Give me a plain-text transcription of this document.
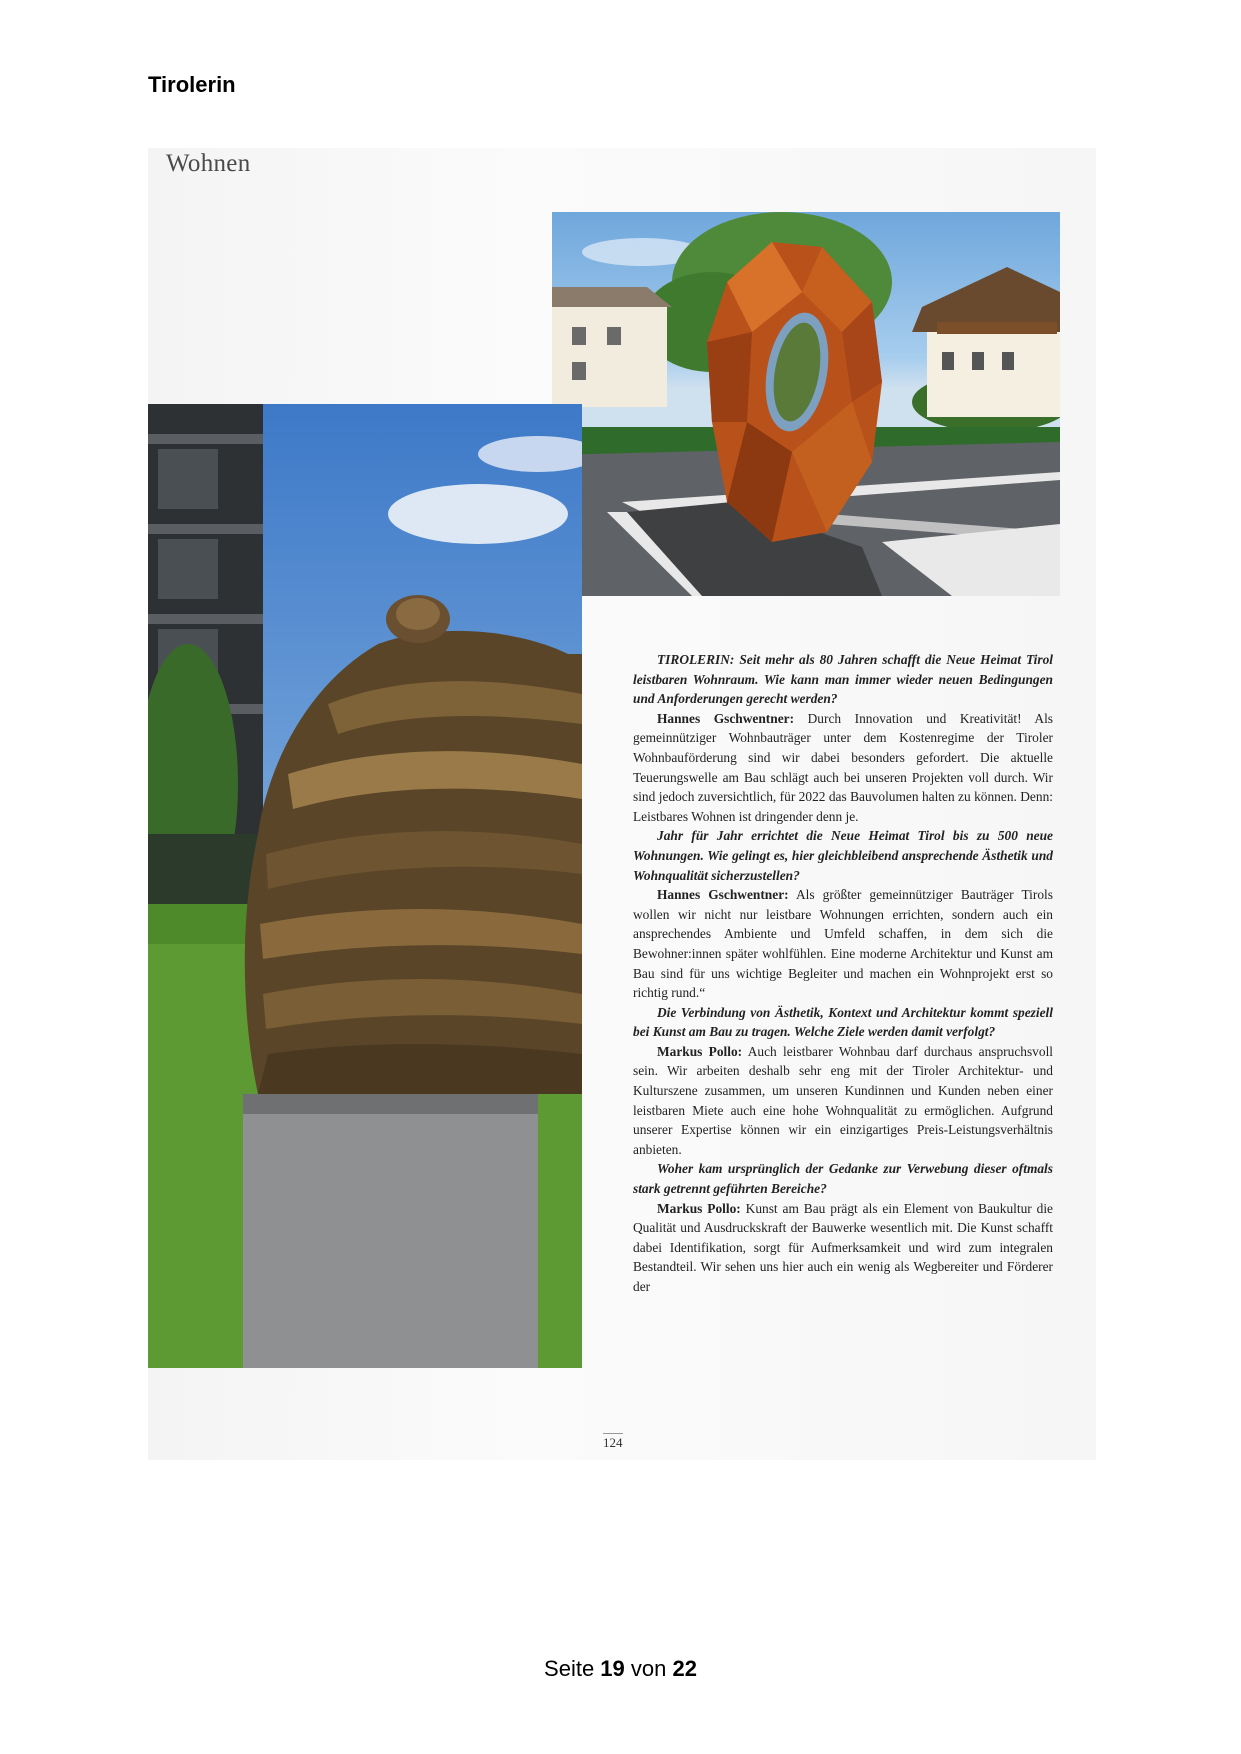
Tirolerin
Wohnen

TIROLERIN: Seit mehr als 80 Jahren schafft die Neue Heimat Tirol leistbaren Wohnraum. Wie kann man immer wieder neuen Bedingungen und Anforderungen gerecht werden?

Hannes Gschwentner: Durch Innovation und Kreativität! Als gemeinnütziger Wohnbauträger unter dem Kostenregime der Tiroler Wohnbauförderung sind wir dabei besonders gefordert. Die aktuelle Teuerungswelle am Bau schlägt auch bei unseren Projekten voll durch. Wir sind jedoch zuversichtlich, für 2022 das Bauvolumen halten zu können. Denn: Leistbares Wohnen ist dringender denn je.

Jahr für Jahr errichtet die Neue Heimat Tirol bis zu 500 neue Wohnungen. Wie gelingt es, hier gleichbleibend ansprechende Ästhetik und Wohnqualität sicherzustellen?

Hannes Gschwentner: Als größter gemeinnütziger Bauträger Tirols wollen wir nicht nur leistbare Wohnungen errichten, sondern auch ein ansprechendes Ambiente und Umfeld schaffen, in dem sich die Bewohner:innen später wohlfühlen. Eine moderne Architektur und Kunst am Bau sind für uns wichtige Begleiter und machen ein Wohnprojekt erst so richtig rund.“

Die Verbindung von Ästhetik, Kontext und Architektur kommt speziell bei Kunst am Bau zu tragen. Welche Ziele werden damit verfolgt?

Markus Pollo: Auch leistbarer Wohnbau darf durchaus anspruchsvoll sein. Wir arbeiten deshalb sehr eng mit der Tiroler Architektur- und Kulturszene zusammen, um unseren Kundinnen und Kunden neben einer leistbaren Miete auch eine hohe Wohnqualität zu ermöglichen. Aufgrund unserer Expertise können wir ein einzigartiges Preis-Leistungsverhältnis anbieten.

Woher kam ursprünglich der Gedanke zur Verwebung dieser oftmals stark getrennt geführten Bereiche?

Markus Pollo: Kunst am Bau prägt als ein Element von Baukultur die Qualität und Ausdruckskraft der Bauwerke wesentlich mit. Die Kunst schafft dabei Identifikation, sorgt für Aufmerksamkeit und wird zum integralen Bestandteil. Wir sehen uns hier auch ein wenig als Wegbereiter und Förderer der

124
Seite 19 von 22
